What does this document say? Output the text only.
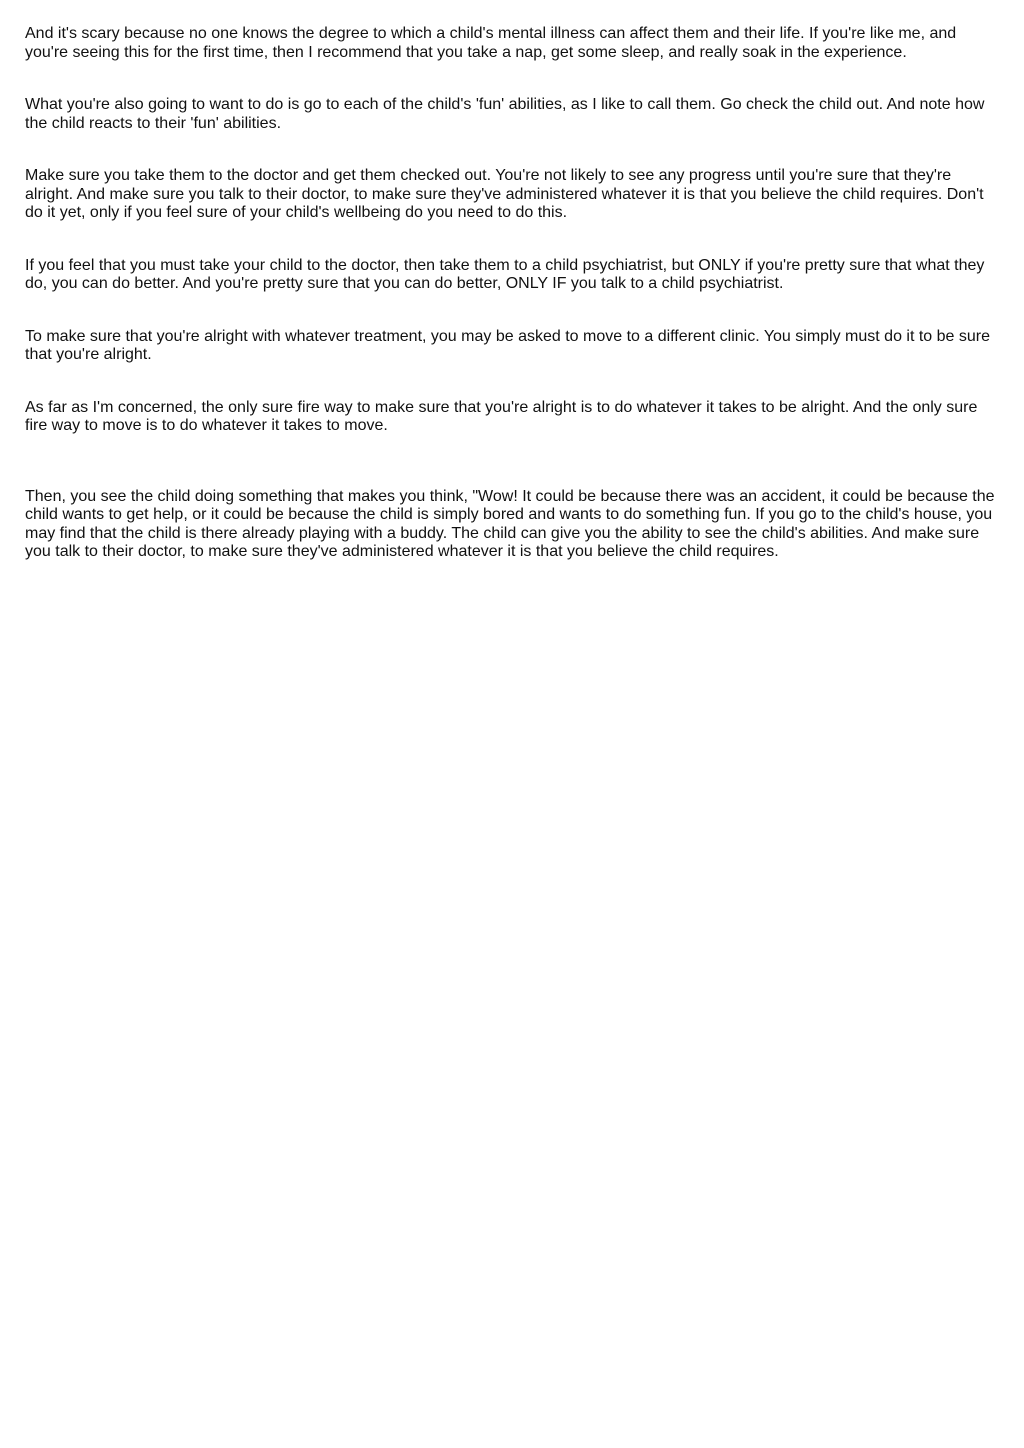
And it's scary because no one knows the degree to which a child's mental illness can affect them and their life. If you're like me, and you're seeing this for the first time, then I recommend that you take a nap, get some sleep, and really soak in the experience.

What you're also going to want to do is go to each of the child's 'fun' abilities, as I like to call them. Go check the child out. And note how the child reacts to their 'fun' abilities.

Make sure you take them to the doctor and get them checked out. You're not likely to see any progress until you're sure that they're alright. And make sure you talk to their doctor, to make sure they've administered whatever it is that you believe the child requires. Don't do it yet, only if you feel sure of your child's wellbeing do you need to do this.

If you feel that you must take your child to the doctor, then take them to a child psychiatrist, but ONLY if you're pretty sure that what they do, you can do better. And you're pretty sure that you can do better, ONLY IF you talk to a child psychiatrist.

To make sure that you're alright with whatever treatment, you may be asked to move to a different clinic. You simply must do it to be sure that you're alright.

As far as I'm concerned, the only sure fire way to make sure that you're alright is to do whatever it takes to be alright. And the only sure fire way to move is to do whatever it takes to move.

Then, you see the child doing something that makes you think, "Wow! It could be because there was an accident, it could be because the child wants to get help, or it could be because the child is simply bored and wants to do something fun. If you go to the child's house, you may find that the child is there already playing with a buddy. The child can give you the ability to see the child's abilities. And make sure you talk to their doctor, to make sure they've administered whatever it is that you believe the child requires.
